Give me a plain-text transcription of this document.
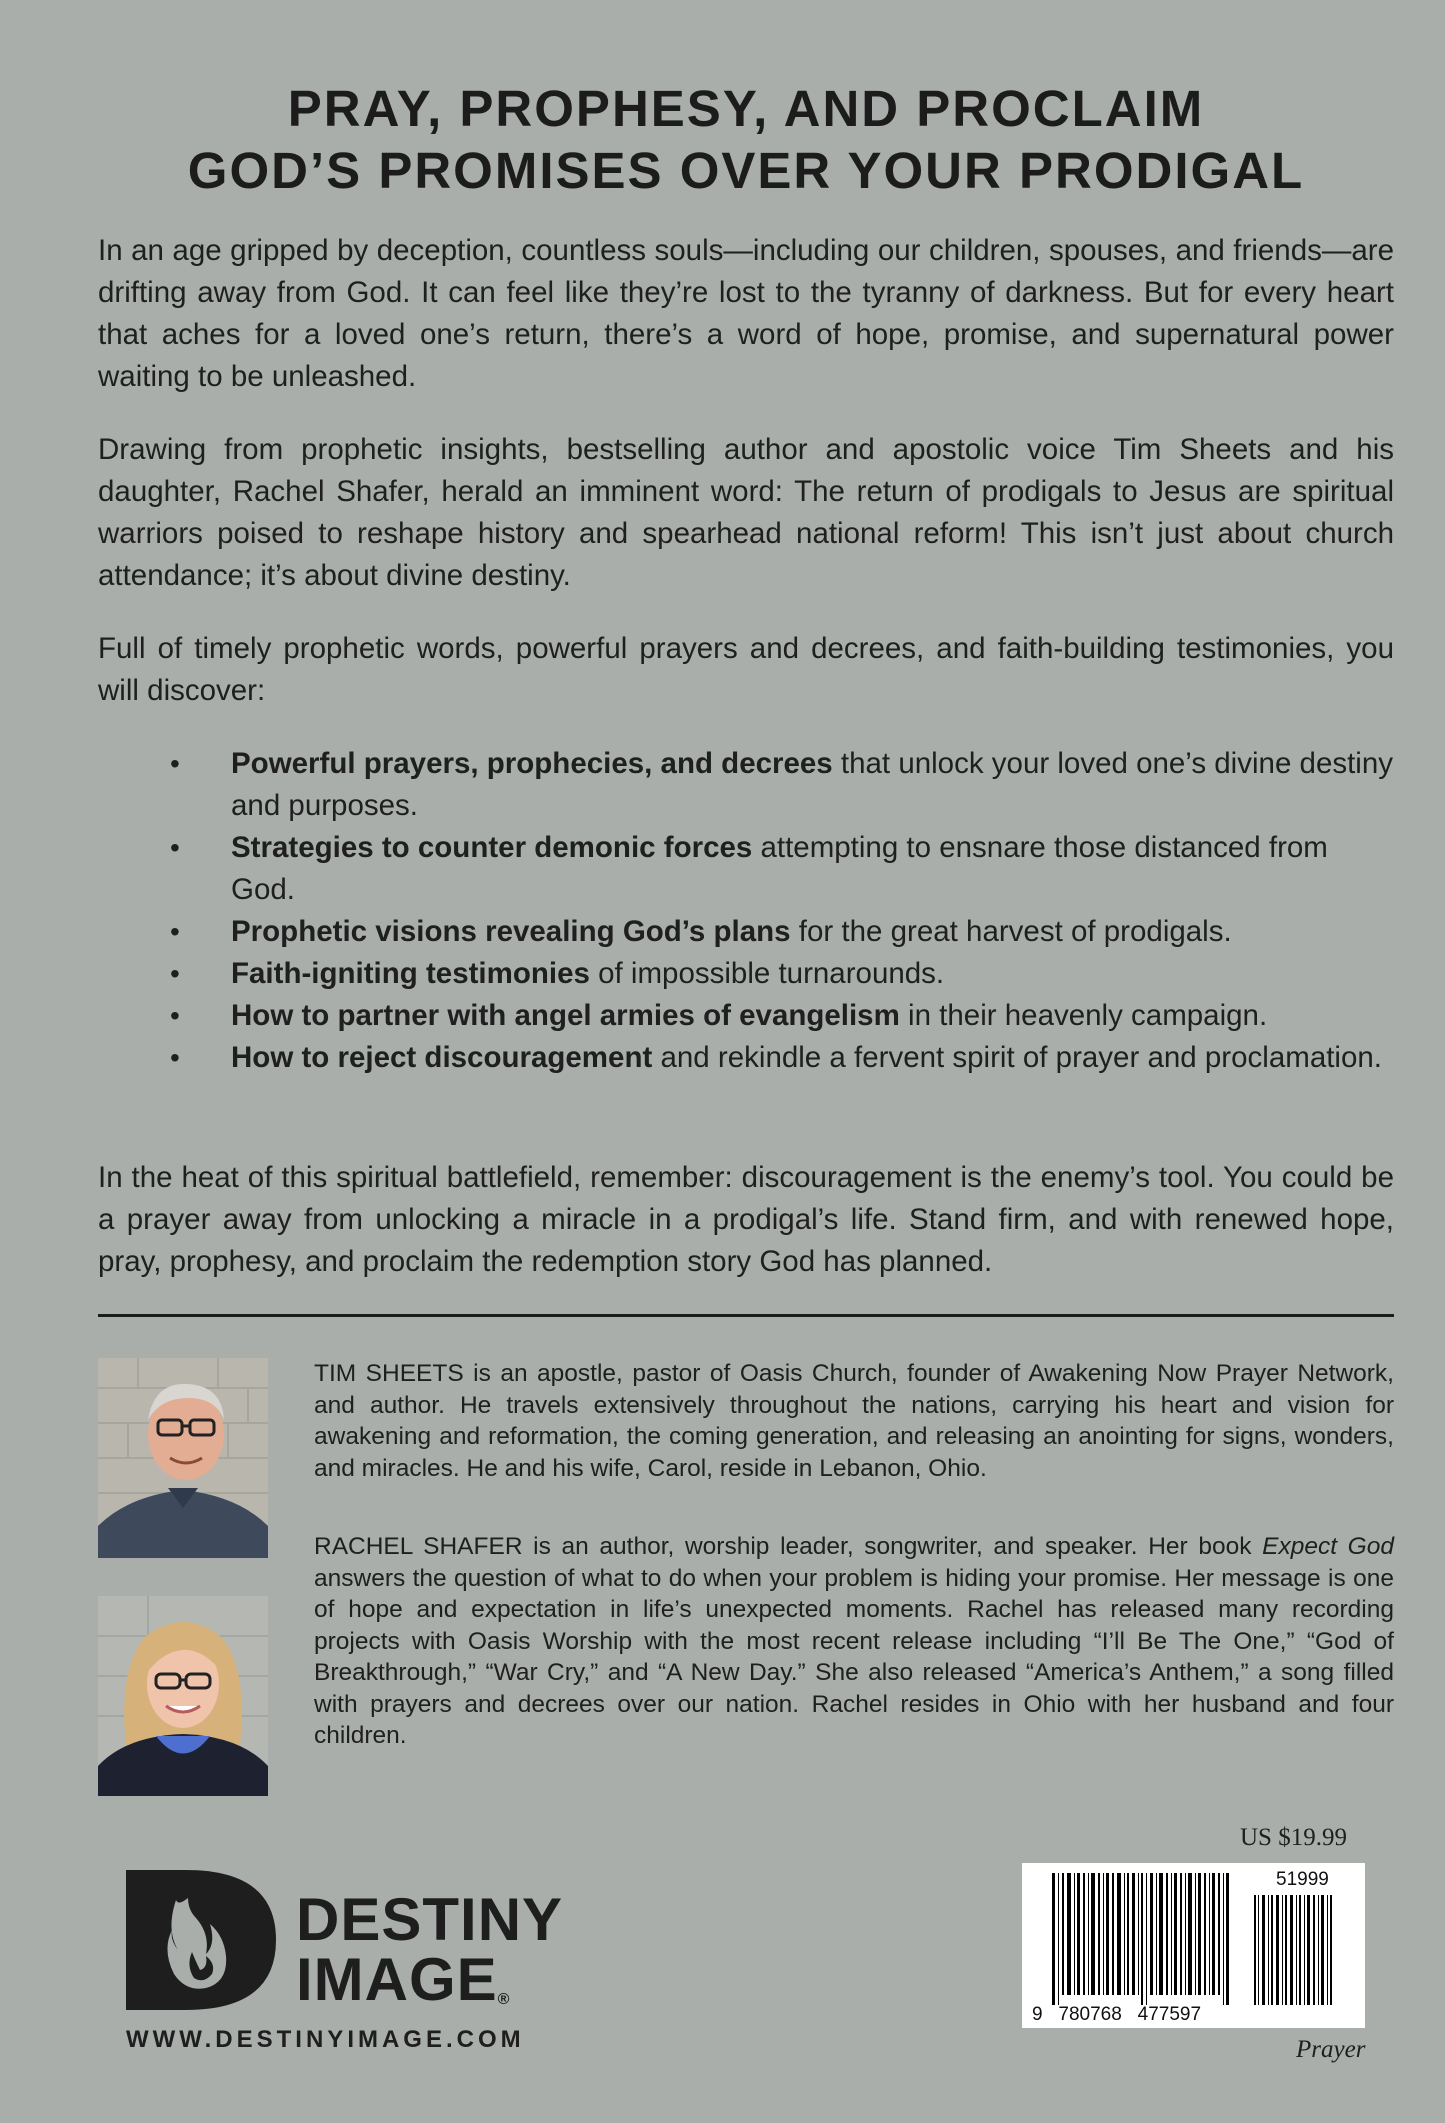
PRAY, PROPHESY, AND PROCLAIM
GOD’S PROMISES OVER YOUR PRODIGAL

In an age gripped by deception, countless souls—including our children, spouses, and friends—are drifting away from God. It can feel like they’re lost to the tyranny of darkness. But for every heart that aches for a loved one’s return, there’s a word of hope, promise, and supernatural power waiting to be unleashed.

Drawing from prophetic insights, bestselling author and apostolic voice Tim Sheets and his daughter, Rachel Shafer, herald an imminent word: The return of prodigals to Jesus are spiritual warriors poised to reshape history and spearhead national reform! This isn’t just about church attendance; it’s about divine destiny.

Full of timely prophetic words, powerful prayers and decrees, and faith-building testimonies, you will discover:

• Powerful prayers, prophecies, and decrees that unlock your loved one’s divine destiny and purposes.
• Strategies to counter demonic forces attempting to ensnare those distanced from God.
• Prophetic visions revealing God’s plans for the great harvest of prodigals.
• Faith-igniting testimonies of impossible turnarounds.
• How to partner with angel armies of evangelism in their heavenly campaign.
• How to reject discouragement and rekindle a fervent spirit of prayer and proclamation.

In the heat of this spiritual battlefield, remember: discouragement is the enemy’s tool. You could be a prayer away from unlocking a miracle in a prodigal’s life. Stand firm, and with renewed hope, pray, prophesy, and proclaim the redemption story God has planned.

TIM SHEETS is an apostle, pastor of Oasis Church, founder of Awakening Now Prayer Network, and author. He travels extensively throughout the nations, carrying his heart and vision for awakening and reformation, the coming generation, and releasing an anointing for signs, wonders, and miracles. He and his wife, Carol, reside in Lebanon, Ohio.

RACHEL SHAFER is an author, worship leader, songwriter, and speaker. Her book Expect God answers the question of what to do when your problem is hiding your promise. Her message is one of hope and expectation in life’s unexpected moments. Rachel has released many recording projects with Oasis Worship with the most recent release including “I’ll Be The One,” “God of Breakthrough,” “War Cry,” and “A New Day.” She also released “America’s Anthem,” a song filled with prayers and decrees over our nation. Rachel resides in Ohio with her husband and four children.

DESTINY
IMAGE®
WWW.DESTINYIMAGE.COM
US $19.99
51999
9   780768   477597
Prayer
